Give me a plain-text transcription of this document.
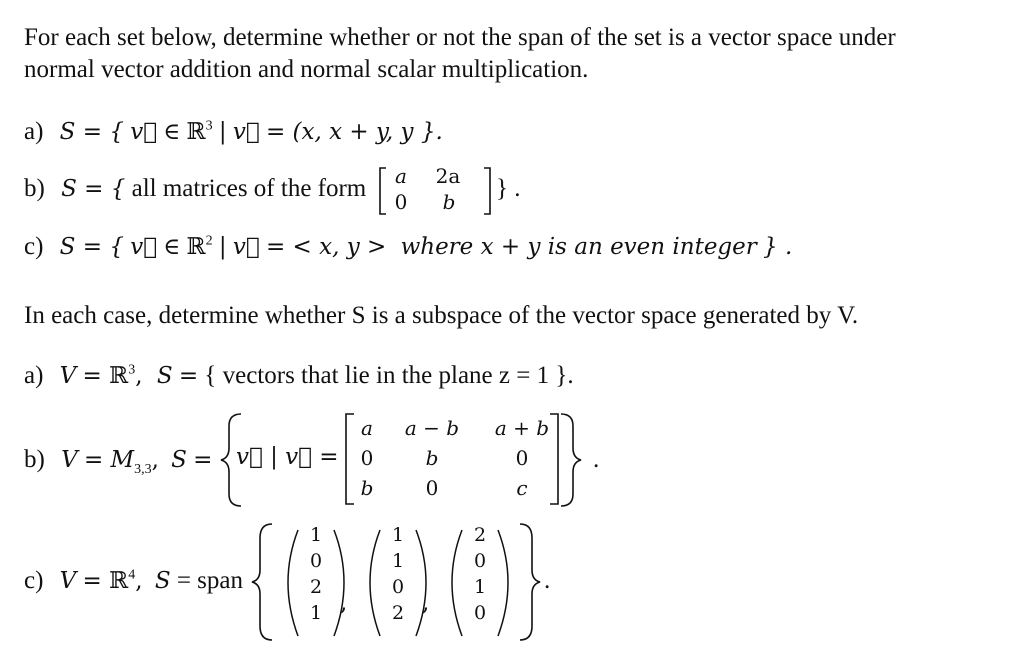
For each set below, determine whether or not the span of the set is a vector space under
normal vector addition and normal scalar multiplication.
a) S = { v⃗ ∈ ℝ$^3$ | v⃗ = (x, x + y, y }.
b) S = { all matrices of the form	a	2a
0	b	} .
c) S = { v⃗ ∈ ℝ$^2$ | v⃗ = < x, y > where x + y is an even integer } .
In each case, determine whether S is a subspace of the vector space generated by V.
a) V = ℝ$^3$, S = { vectors that lie in the plane z = 1 }.
b) $V = M_{3,3}$, S = v⃗ | v⃗ =
a	a − b	a + b
0	b	0
b	0	c
.
c) V = ℝ$^4$, S = span
,	,
1
0
2
1
1
1
0
2
2
0
1
0
.
